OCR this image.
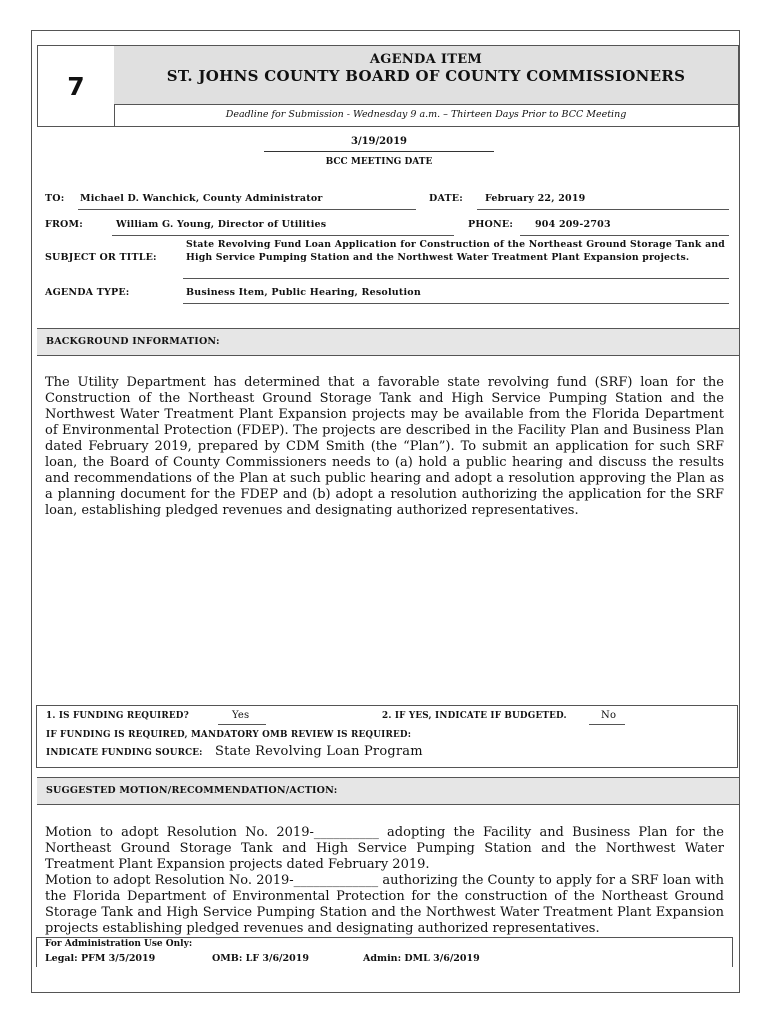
7
AGENDA ITEM
ST. JOHNS COUNTY BOARD OF COUNTY COMMISSIONERS
Deadline for Submission - Wednesday 9 a.m. – Thirteen Days Prior to BCC Meeting
BACKGROUND INFORMATION:
SUGGESTED MOTION/RECOMMENDATION/ACTION:
3/19/2019
BCC MEETING DATE
TO: Michael D. Wanchick, County Administrator	DATE: February 22, 2019
FROM:	William G. Young, Director of Utilities	PHONE: 904 209-2703
SUBJECT OR TITLE:
State Revolving Fund Loan Application for Construction of the Northeast Ground Storage Tank and High Service Pumping Station and the Northwest Water Treatment Plant Expansion projects.
AGENDA TYPE:	Business Item, Public Hearing, Resolution
The Utility Department has determined that a favorable state revolving fund (SRF) loan for the Construction of the Northeast Ground Storage Tank and High Service Pumping Station and the Northwest Water Treatment Plant Expansion projects may be available from the Florida Department of Environmental Protection (FDEP). The projects are described in the Facility Plan and Business Plan dated February 2019, prepared by CDM Smith (the “Plan”). To submit an application for such SRF loan, the Board of County Commissioners needs to (a) hold a public hearing and discuss the results and recommendations of the Plan at such public hearing and adopt a resolution approving the Plan as a planning document for the FDEP and (b) adopt a resolution authorizing the application for the SRF loan, establishing pledged revenues and designating authorized representatives.
1. IS FUNDING REQUIRED?	Yes	2. IF YES, INDICATE IF BUDGETED.	No
IF FUNDING IS REQUIRED, MANDATORY OMB REVIEW IS REQUIRED:
INDICATE FUNDING SOURCE: State Revolving Loan Program
Motion to adopt Resolution No. 2019-__________ adopting the Facility and Business Plan for the Northeast Ground Storage Tank and High Service Pumping Station and the Northwest Water Treatment Plant Expansion projects dated February 2019.
Motion to adopt Resolution No. 2019-_____________ authorizing the County to apply for a SRF loan with the Florida Department of Environmental Protection for the construction of the Northeast Ground Storage Tank and High Service Pumping Station and the Northwest Water Treatment Plant Expansion projects establishing pledged revenues and designating authorized representatives.
For Administration Use Only:
Legal: PFM 3/5/2019	OMB: LF 3/6/2019	Admin: DML 3/6/2019
